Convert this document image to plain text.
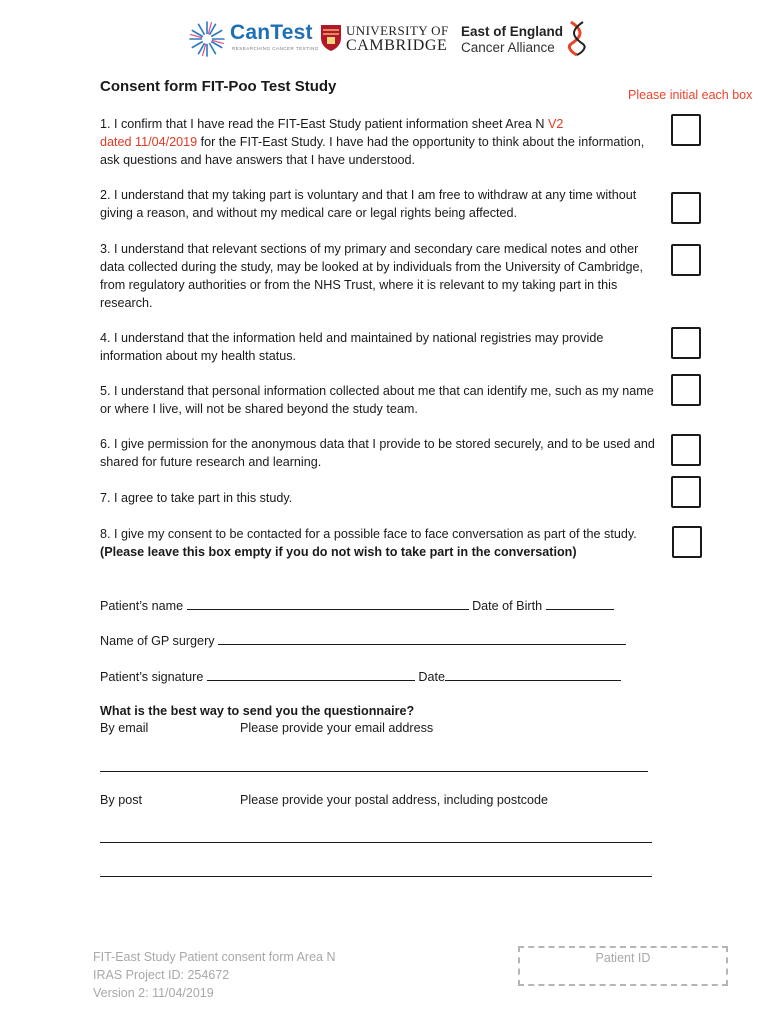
CanTest
RESEARCHING CANCER TESTING
UNIVERSITY OF
CAMBRIDGE
East of England
Cancer Alliance
Consent form FIT-Poo Test Study	Please initial each box
1. I confirm that I have read the FIT-East Study patient information sheet Area N V2
dated 11/04/2019 for the FIT-East Study. I have had the opportunity to think about the information, ask questions and have answers that I have understood.
2. I understand that my taking part is voluntary and that I am free to withdraw at any time without giving a reason, and without my medical care or legal rights being affected.
3. I understand that relevant sections of my primary and secondary care medical notes and other data collected during the study, may be looked at by individuals from the University of Cambridge, from regulatory authorities or from the NHS Trust, where it is relevant to my taking part in this research.
4. I understand that the information held and maintained by national registries may provide information about my health status.
5. I understand that personal information collected about me that can identify me, such as my name or where I live, will not be shared beyond the study team.
6. I give permission for the anonymous data that I provide to be stored securely, and to be used and shared for future research and learning.
7. I agree to take part in this study.
8. I give my consent to be contacted for a possible face to face conversation as part of the study. (Please leave this box empty if you do not wish to take part in the conversation)
Patient’s name	Date of Birth
Name of GP surgery
Patient’s signature	Date
What is the best way to send you the questionnaire?
By email	Please provide your email address
By post	Please provide your postal address, including postcode
FIT-East Study Patient consent form Area N
IRAS Project ID: 254672
Version 2: 11/04/2019
Patient ID
